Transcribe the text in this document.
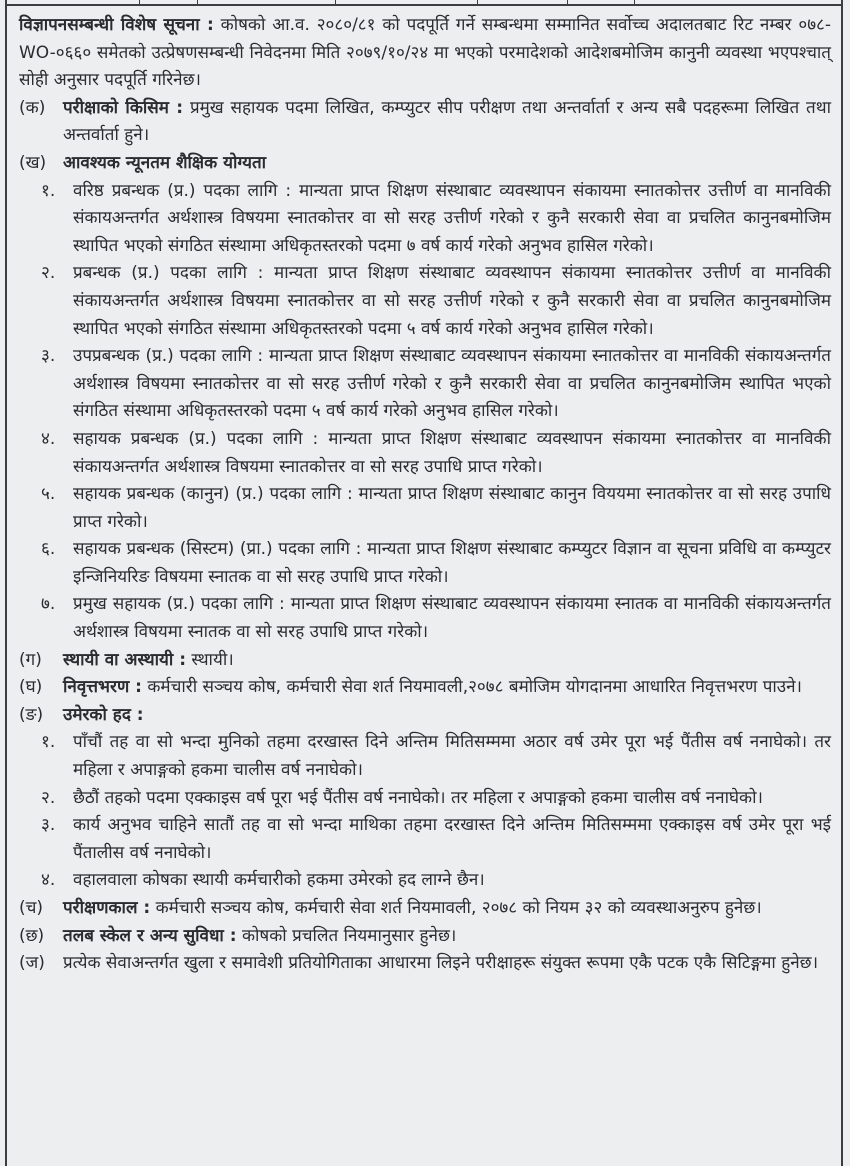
विज्ञापनसम्बन्धी विशेष सूचना : कोषको आ.व. २०८०/८१ को पदपूर्ति गर्ने सम्बन्धमा सम्मानित सर्वोच्च अदालतबाट रिट नम्बर ०७८-WO-०६६० समेतको उत्प्रेषणसम्बन्धी निवेदनमा मिति २०७९/१०/२४ मा भएको परमादेशको आदेशबमोजिम कानुनी व्यवस्था भएपश्चात् सोही अनुसार पदपूर्ति गरिनेछ।

(क)	परीक्षाको किसिम : प्रमुख सहायक पदमा लिखित, कम्प्युटर सीप परीक्षण तथा अन्तर्वार्ता र अन्य सबै पदहरूमा लिखित तथा अन्तर्वार्ता हुने।

(ख) आवश्यक न्यूनतम शैक्षिक योग्यता

१.	वरिष्ठ प्रबन्धक (प्र.) पदका लागि : मान्यता प्राप्त शिक्षण संस्थाबाट व्यवस्थापन संकायमा स्नातकोत्तर उत्तीर्ण वा मानविकी संकायअन्तर्गत अर्थशास्त्र विषयमा स्नातकोत्तर वा सो सरह उत्तीर्ण गरेको र कुनै सरकारी सेवा वा प्रचलित कानुनबमोजिम स्थापित भएको संगठित संस्थामा अधिकृतस्तरको पदमा ७ वर्ष कार्य गरेको अनुभव हासिल गरेको।

२.	प्रबन्धक (प्र.) पदका लागि : मान्यता प्राप्त शिक्षण संस्थाबाट व्यवस्थापन संकायमा स्नातकोत्तर उत्तीर्ण वा मानविकी संकायअन्तर्गत अर्थशास्त्र विषयमा स्नातकोत्तर वा सो सरह उत्तीर्ण गरेको र कुनै सरकारी सेवा वा प्रचलित कानुनबमोजिम स्थापित भएको संगठित संस्थामा अधिकृतस्तरको पदमा ५ वर्ष कार्य गरेको अनुभव हासिल गरेको।

३.	उपप्रबन्धक (प्र.) पदका लागि : मान्यता प्राप्त शिक्षण संस्थाबाट व्यवस्थापन संकायमा स्नातकोत्तर वा मानविकी संकायअन्तर्गत अर्थशास्त्र विषयमा स्नातकोत्तर वा सो सरह उत्तीर्ण गरेको र कुनै सरकारी सेवा वा प्रचलित कानुनबमोजिम स्थापित भएको संगठित संस्थामा अधिकृतस्तरको पदमा ५ वर्ष कार्य गरेको अनुभव हासिल गरेको।

४.	सहायक प्रबन्धक (प्र.) पदका लागि : मान्यता प्राप्त शिक्षण संस्थाबाट व्यवस्थापन संकायमा स्नातकोत्तर वा मानविकी संकायअन्तर्गत अर्थशास्त्र विषयमा स्नातकोत्तर वा सो सरह उपाधि प्राप्त गरेको।

५.	सहायक प्रबन्धक (कानुन) (प्र.) पदका लागि : मान्यता प्राप्त शिक्षण संस्थाबाट कानुन विययमा स्नातकोत्तर वा सो सरह उपाधि प्राप्त गरेको।

६.	सहायक प्रबन्धक (सिस्टम) (प्रा.) पदका लागि : मान्यता प्राप्त शिक्षण संस्थाबाट कम्प्युटर विज्ञान वा सूचना प्रविधि वा कम्प्युटर इन्जिनियरिङ विषयमा स्नातक वा सो सरह उपाधि प्राप्त गरेको।

७.	प्रमुख सहायक (प्र.) पदका लागि : मान्यता प्राप्त शिक्षण संस्थाबाट व्यवस्थापन संकायमा स्नातक वा मानविकी संकायअन्तर्गत अर्थशास्त्र विषयमा स्नातक वा सो सरह उपाधि प्राप्त गरेको।

(ग)	स्थायी वा अस्थायी : स्थायी।

(घ)	निवृत्तभरण : कर्मचारी सञ्चय कोष, कर्मचारी सेवा शर्त नियमावली,२०७८ बमोजिम योगदानमा आधारित निवृत्तभरण पाउने।

(ङ)	उमेरको हद :

१.	पाँचौं तह वा सो भन्दा मुनिको तहमा दरखास्त दिने अन्तिम मितिसम्ममा अठार वर्ष उमेर पूरा भई पैंतीस वर्ष ननाघेको। तर महिला र अपाङ्गको हकमा चालीस वर्ष ननाघेको।

२.	छैठौं तहको पदमा एक्काइस वर्ष पूरा भई पैंतीस वर्ष ननाघेको। तर महिला र अपाङ्गको हकमा चालीस वर्ष ननाघेको।

३.	कार्य अनुभव चाहिने सातौं तह वा सो भन्दा माथिका तहमा दरखास्त दिने अन्तिम मितिसम्ममा एक्काइस वर्ष उमेर पूरा भई पैंतालीस वर्ष ननाघेको।

४.	वहालवाला कोषका स्थायी कर्मचारीको हकमा उमेरको हद लाग्ने छैन।

(च)	परीक्षणकाल : कर्मचारी सञ्चय कोष, कर्मचारी सेवा शर्त नियमावली, २०७८ को नियम ३२ को व्यवस्थाअनुरुप हुनेछ।

(छ)	तलब स्केल र अन्य सुविधा : कोषको प्रचलित नियमानुसार हुनेछ।

(ज)	प्रत्येक सेवाअन्तर्गत खुला र समावेशी प्रतियोगिताका आधारमा लिइने परीक्षाहरू संयुक्त रूपमा एकै पटक एकै सिटिङ्गमा हुनेछ।
